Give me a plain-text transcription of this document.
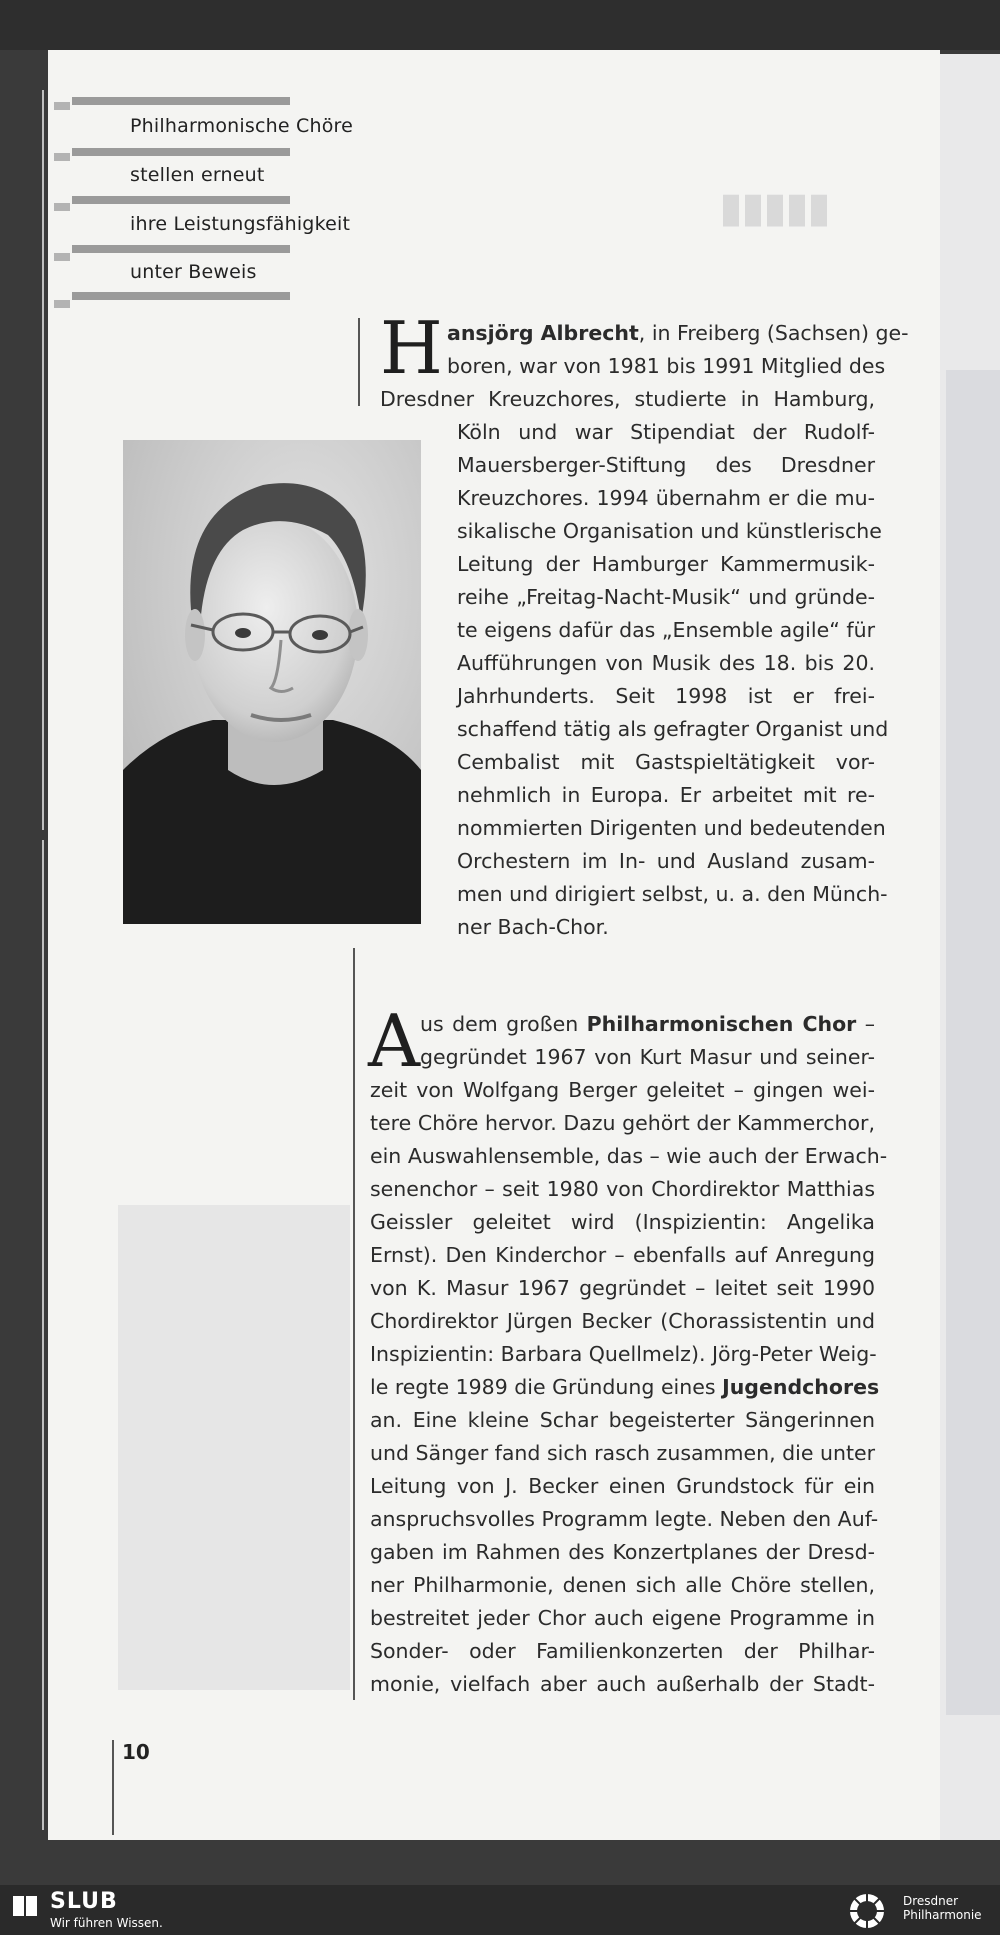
▮▮▮▮▮
Philharmonische Chöre
stellen erneut
ihre Leistungsfähigkeit
unter Beweis
H ansjörg Albrecht, in Freiberg (Sachsen) ge-
boren, war von 1981 bis 1991 Mitglied des
Dresdner Kreuzchores, studierte in Hamburg,
Köln und war Stipendiat der Rudolf-
Mauersberger-Stiftung des Dresdner
Kreuzchores. 1994 übernahm er die mu-
sikalische Organisation und künstlerische
Leitung der Hamburger Kammermusik-
reihe „Freitag-Nacht-Musik“ und gründe-
te eigens dafür das „Ensemble agile“ für
Aufführungen von Musik des 18. bis 20.
Jahrhunderts. Seit 1998 ist er frei-
schaffend tätig als gefragter Organist und
Cembalist mit Gastspieltätigkeit vor-
nehmlich in Europa. Er arbeitet mit re-
nommierten Dirigenten und bedeutenden
Orchestern im In- und Ausland zusam-
men und dirigiert selbst, u. a. den Münch-
ner Bach-Chor.
A us dem großen Philharmonischen Chor –
gegründet 1967 von Kurt Masur und seiner-
zeit von Wolfgang Berger geleitet – gingen wei-
tere Chöre hervor. Dazu gehört der Kammerchor,
ein Auswahlensemble, das – wie auch der Erwach-
senenchor – seit 1980 von Chordirektor Matthias
Geissler geleitet wird (Inspizientin: Angelika
Ernst). Den Kinderchor – ebenfalls auf Anregung
von K. Masur 1967 gegründet – leitet seit 1990
Chordirektor Jürgen Becker (Chorassistentin und
Inspizientin: Barbara Quellmelz). Jörg-Peter Weig-
le regte 1989 die Gründung eines Jugendchores
an. Eine kleine Schar begeisterter Sängerinnen
und Sänger fand sich rasch zusammen, die unter
Leitung von J. Becker einen Grundstock für ein
anspruchsvolles Programm legte. Neben den Auf-
gaben im Rahmen des Konzertplanes der Dresd-
ner Philharmonie, denen sich alle Chöre stellen,
bestreitet jeder Chor auch eigene Programme in
Sonder- oder Familienkonzerten der Philhar-
monie, vielfach aber auch außerhalb der Stadt-
10
SLUB
Wir führen Wissen.
Dresdner
Philharmonie
